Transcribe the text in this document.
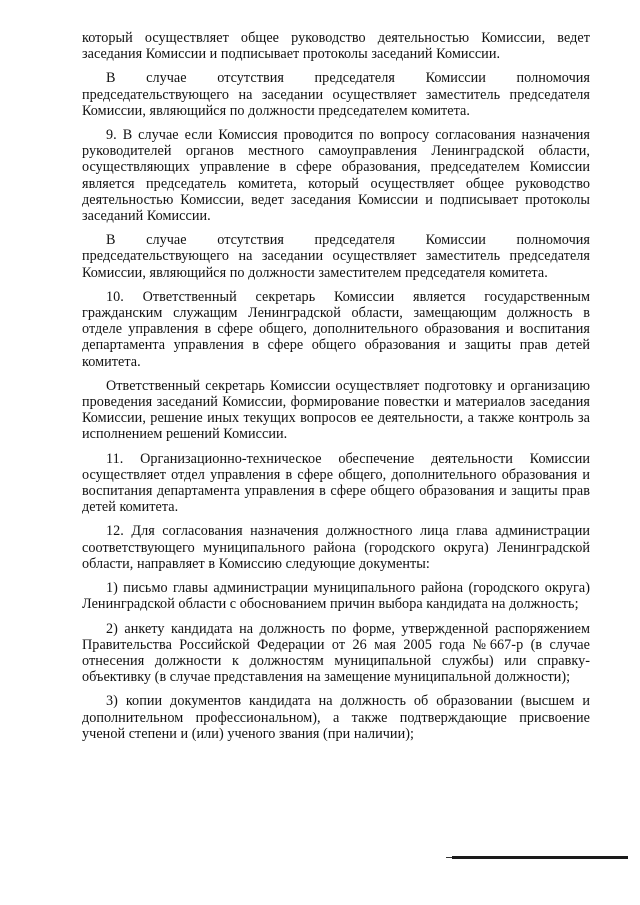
который осуществляет общее руководство деятельностью Комиссии, ведет заседания Комиссии и подписывает протоколы заседаний Комиссии.

В случае отсутствия председателя Комиссии полномочия председательствующего на заседании осуществляет заместитель председателя Комиссии, являющийся по должности председателем комитета.

9. В случае если Комиссия проводится по вопросу согласования назначения руководителей органов местного самоуправления Ленинградской области, осуществляющих управление в сфере образования, председателем Комиссии является председатель комитета, который осуществляет общее руководство деятельностью Комиссии, ведет заседания Комиссии и подписывает протоколы заседаний Комиссии.

В случае отсутствия председателя Комиссии полномочия председательствующего на заседании осуществляет заместитель председателя Комиссии, являющийся по должности заместителем председателя комитета.

10. Ответственный секретарь Комиссии является государственным гражданским служащим Ленинградской области, замещающим должность в отделе управления в сфере общего, дополнительного образования и воспитания департамента управления в сфере общего образования и защиты прав детей комитета.

Ответственный секретарь Комиссии осуществляет подготовку и организацию проведения заседаний Комиссии, формирование повестки и материалов заседания Комиссии, решение иных текущих вопросов ее деятельности, а также контроль за исполнением решений Комиссии.

11. Организационно-техническое обеспечение деятельности Комиссии осуществляет отдел управления в сфере общего, дополнительного образования и воспитания департамента управления в сфере общего образования и защиты прав детей комитета.

12. Для согласования назначения должностного лица глава администрации соответствующего муниципального района (городского округа) Ленинградской области, направляет в Комиссию следующие документы:

1) письмо главы администрации муниципального района (городского округа) Ленинградской области с обоснованием причин выбора кандидата на должность;

2) анкету кандидата на должность по форме, утвержденной распоряжением Правительства Российской Федерации от 26 мая 2005 года №667-р (в случае отнесения должности к должностям муниципальной службы) или справку-объективку (в случае представления на замещение муниципальной должности);

3) копии документов кандидата на должность об образовании (высшем и дополнительном профессиональном), а также подтверждающие присвоение ученой степени и (или) ученого звания (при наличии);
